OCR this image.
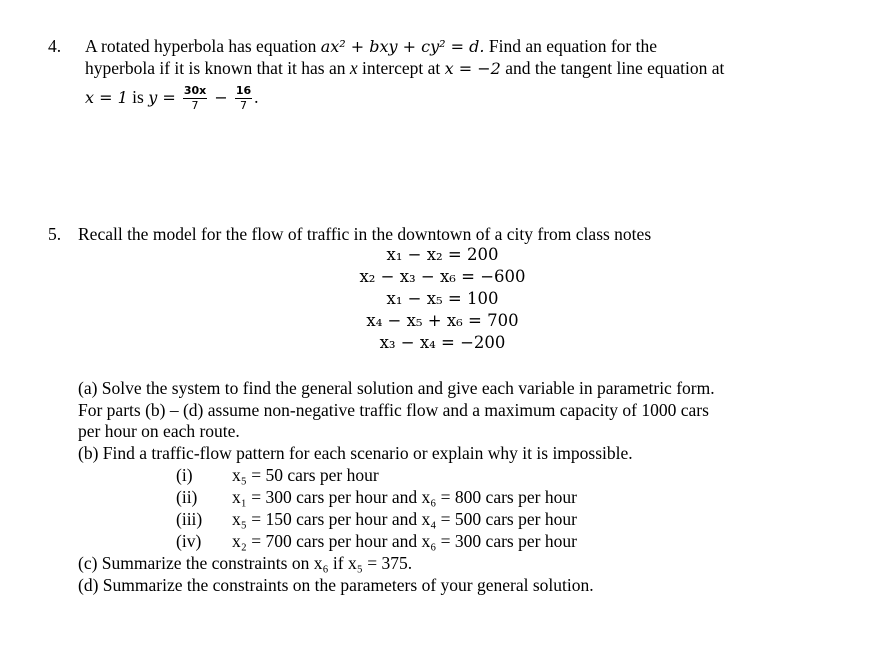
4. A rotated hyperbola has equation ax² + bxy + cy² = d. Find an equation for the
hyperbola if it is known that it has an x intercept at x = −2 and the tangent line equation at
x = 1 is $y = \frac{30x}{7} - \frac{16}{7}$ .
5. Recall the model for the flow of traffic in the downtown of a city from class notes
x₁ − x₂ = 200
x₂ − x₃ − x₆ = −600
x₁ − x₅ = 100
x₄ − x₅ + x₆ = 700
x₃ − x₄ = −200
(a) Solve the system to find the general solution and give each variable in parametric form.
For parts (b) – (d) assume non-negative traffic flow and a maximum capacity of 1000 cars
per hour on each route.
(b) Find a traffic-flow pattern for each scenario or explain why it is impossible.
(i) x₅ = 50 cars per hour
(ii) x₁ = 300 cars per hour and x₆ = 800 cars per hour
(iii) x₅ = 150 cars per hour and x₄ = 500 cars per hour
(iv) x₂ = 700 cars per hour and x₆ = 300 cars per hour
(c) Summarize the constraints on x₆ if x₅ = 375.
(d) Summarize the constraints on the parameters of your general solution.
